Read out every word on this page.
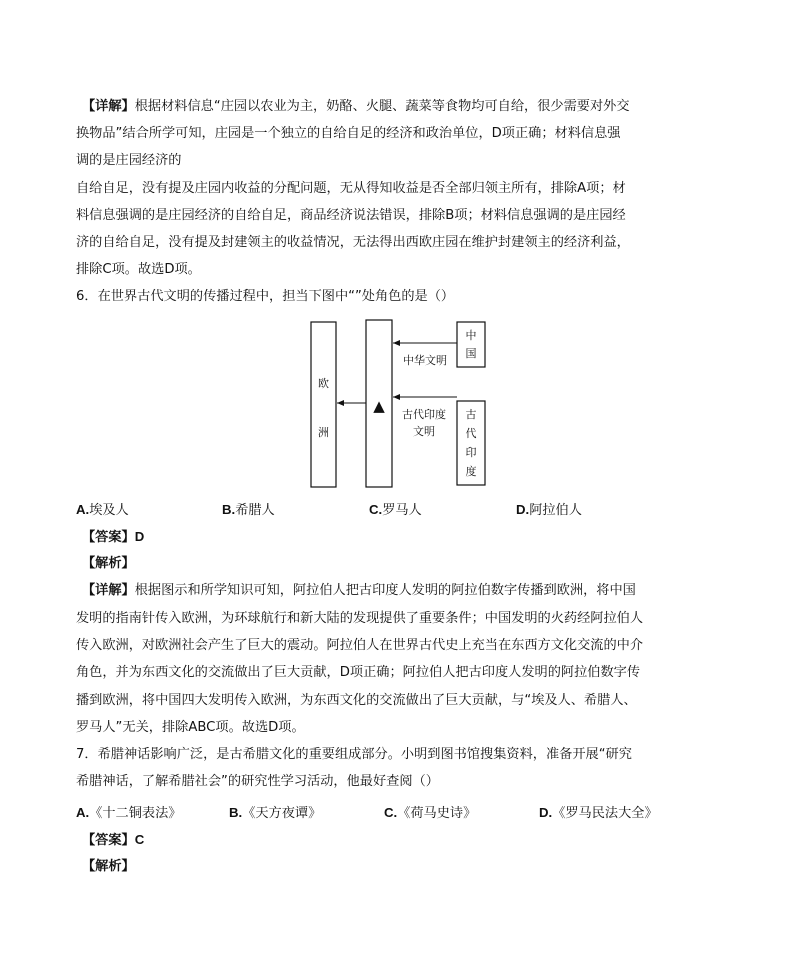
【详解】根据材料信息“庄园以农业为主，奶酪、火腿、蔬菜等食物均可自给，很少需要对外交
换物品”结合所学可知，庄园是一个独立的自给自足的经济和政治单位，D项正确；材料信息强
调的是庄园经济的
自给自足，没有提及庄园内收益的分配问题，无从得知收益是否全部归领主所有，排除A项；材
料信息强调的是庄园经济的自给自足，商品经济说法错误，排除B项；材料信息强调的是庄园经
济的自给自足，没有提及封建领主的收益情况，无法得出西欧庄园在维护封建领主的经济利益，
排除C项。故选D项。
6．在世界古代文明的传播过程中，担当下图中“”处角色的是（）
欧
洲
▲
中
国
古
代
印
度
中华文明
古代印度
文明
A.埃及人	B.希腊人	C.罗马人	D.阿拉伯人
【答案】D
【解析】
【详解】根据图示和所学知识可知，阿拉伯人把古印度人发明的阿拉伯数字传播到欧洲，将中国
发明的指南针传入欧洲，为环球航行和新大陆的发现提供了重要条件；中国发明的火药经阿拉伯人
传入欧洲，对欧洲社会产生了巨大的震动。阿拉伯人在世界古代史上充当在东西方文化交流的中介
角色，并为东西文化的交流做出了巨大贡献，D项正确；阿拉伯人把古印度人发明的阿拉伯数字传
播到欧洲，将中国四大发明传入欧洲，为东西文化的交流做出了巨大贡献，与“埃及人、希腊人、
罗马人”无关，排除ABC项。故选D项。
7．希腊神话影响广泛，是古希腊文化的重要组成部分。小明到图书馆搜集资料，准备开展“研究
希腊神话，了解希腊社会”的研究性学习活动，他最好查阅（）
A.《十二铜表法》	B.《天方夜谭》	C.《荷马史诗》	D.《罗马民法大全》
【答案】C
【解析】
